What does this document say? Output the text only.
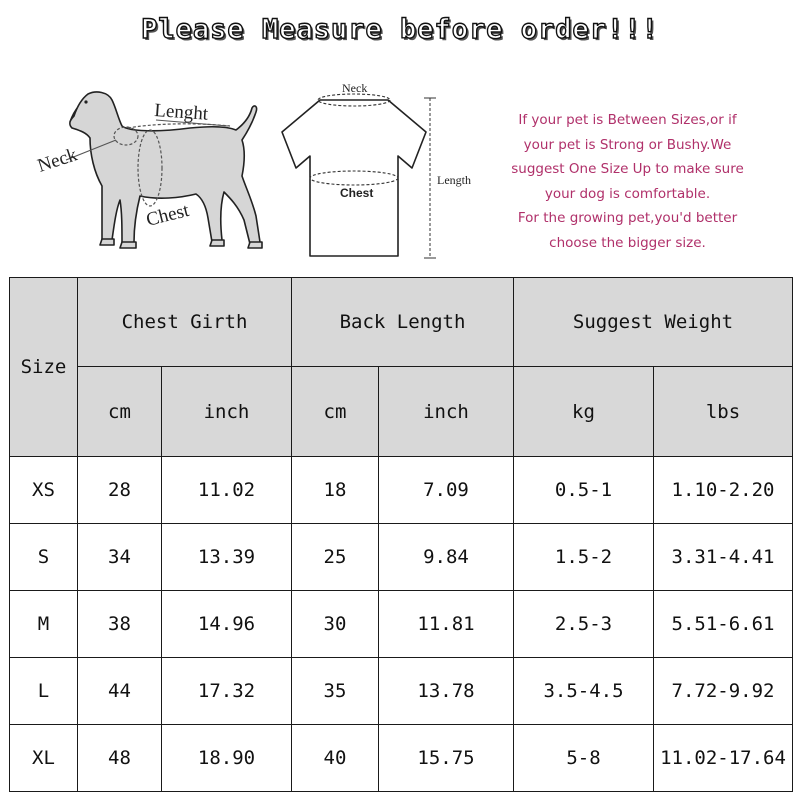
Please Measure before order!!!
Neck
Lenght
Chest
Neck
Chest
Length
If your pet is Between Sizes,or if
your pet is Strong or Bushy.We
suggest One Size Up to make sure
your dog is comfortable.
For the growing pet,you'd better
choose the bigger size.
Size	Chest Girth		Back Length		Suggest Weight	
	cm	inch	cm	inch	kg	lbs
XS	28	11.02	18	7.09	0.5-1	1.10-2.20
S	34	13.39	25	9.84	1.5-2	3.31-4.41
M	38	14.96	30	11.81	2.5-3	5.51-6.61
L	44	17.32	35	13.78	3.5-4.5	7.72-9.92
XL	48	18.90	40	15.75	5-8	11.02-17.64
